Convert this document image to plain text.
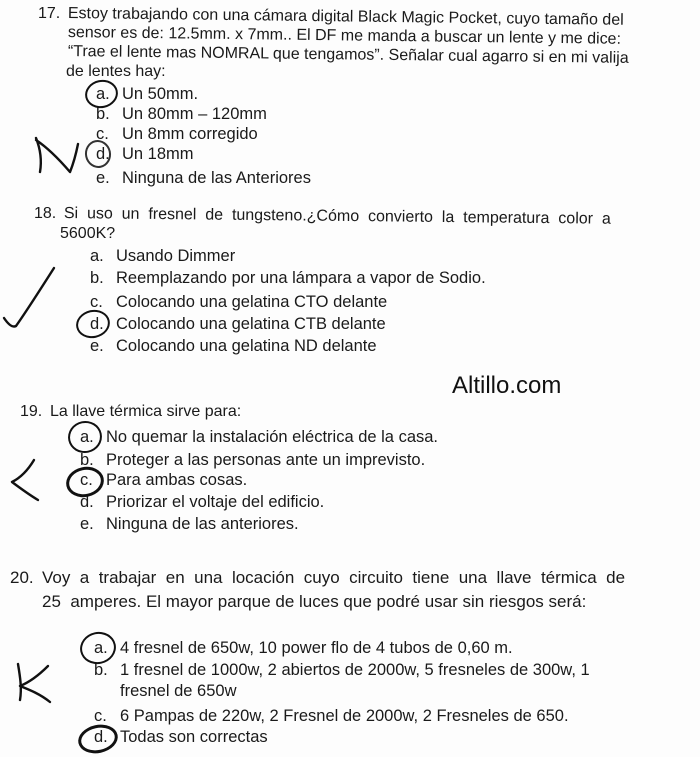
17. Estoy trabajando con una cámara digital Black Magic Pocket, cuyo tamaño del
sensor es de: 12.5mm. x 7mm.. El DF me manda a buscar un lente y me dice:
“Trae el lente mas NOMRAL que tengamos”. Señalar cual agarro si en mi valija
de lentes hay:
a. Un 50mm.
b. Un 80mm – 120mm
c. Un 8mm corregido
d. Un 18mm
e. Ninguna de las Anteriores
18. Si  uso  un  fresnel  de  tungsteno.¿Cómo  convierto  la  temperatura  color  a
5600K?
a. Usando Dimmer
b. Reemplazando por una lámpara a vapor de Sodio.
c. Colocando una gelatina CTO delante
d. Colocando una gelatina CTB delante
e. Colocando una gelatina ND delante
Altillo.com
19. La llave térmica sirve para:
a. No quemar la instalación eléctrica de la casa.
b. Proteger a las personas ante un imprevisto.
c. Para ambas cosas.
d. Priorizar el voltaje del edificio.
e. Ninguna de las anteriores.
20. Voy  a  trabajar  en  una  locación  cuyo  circuito  tiene  una  llave  térmica  de
25  amperes. El mayor parque de luces que podré usar sin riesgos será:
a. 4 fresnel de 650w, 10 power flo de 4 tubos de 0,60 m.
b. 1 fresnel de 1000w, 2 abiertos de 2000w, 5 fresneles de 300w, 1
fresnel de 650w
c. 6 Pampas de 220w, 2 Fresnel de 2000w, 2 Fresneles de 650.
d. Todas son correctas
